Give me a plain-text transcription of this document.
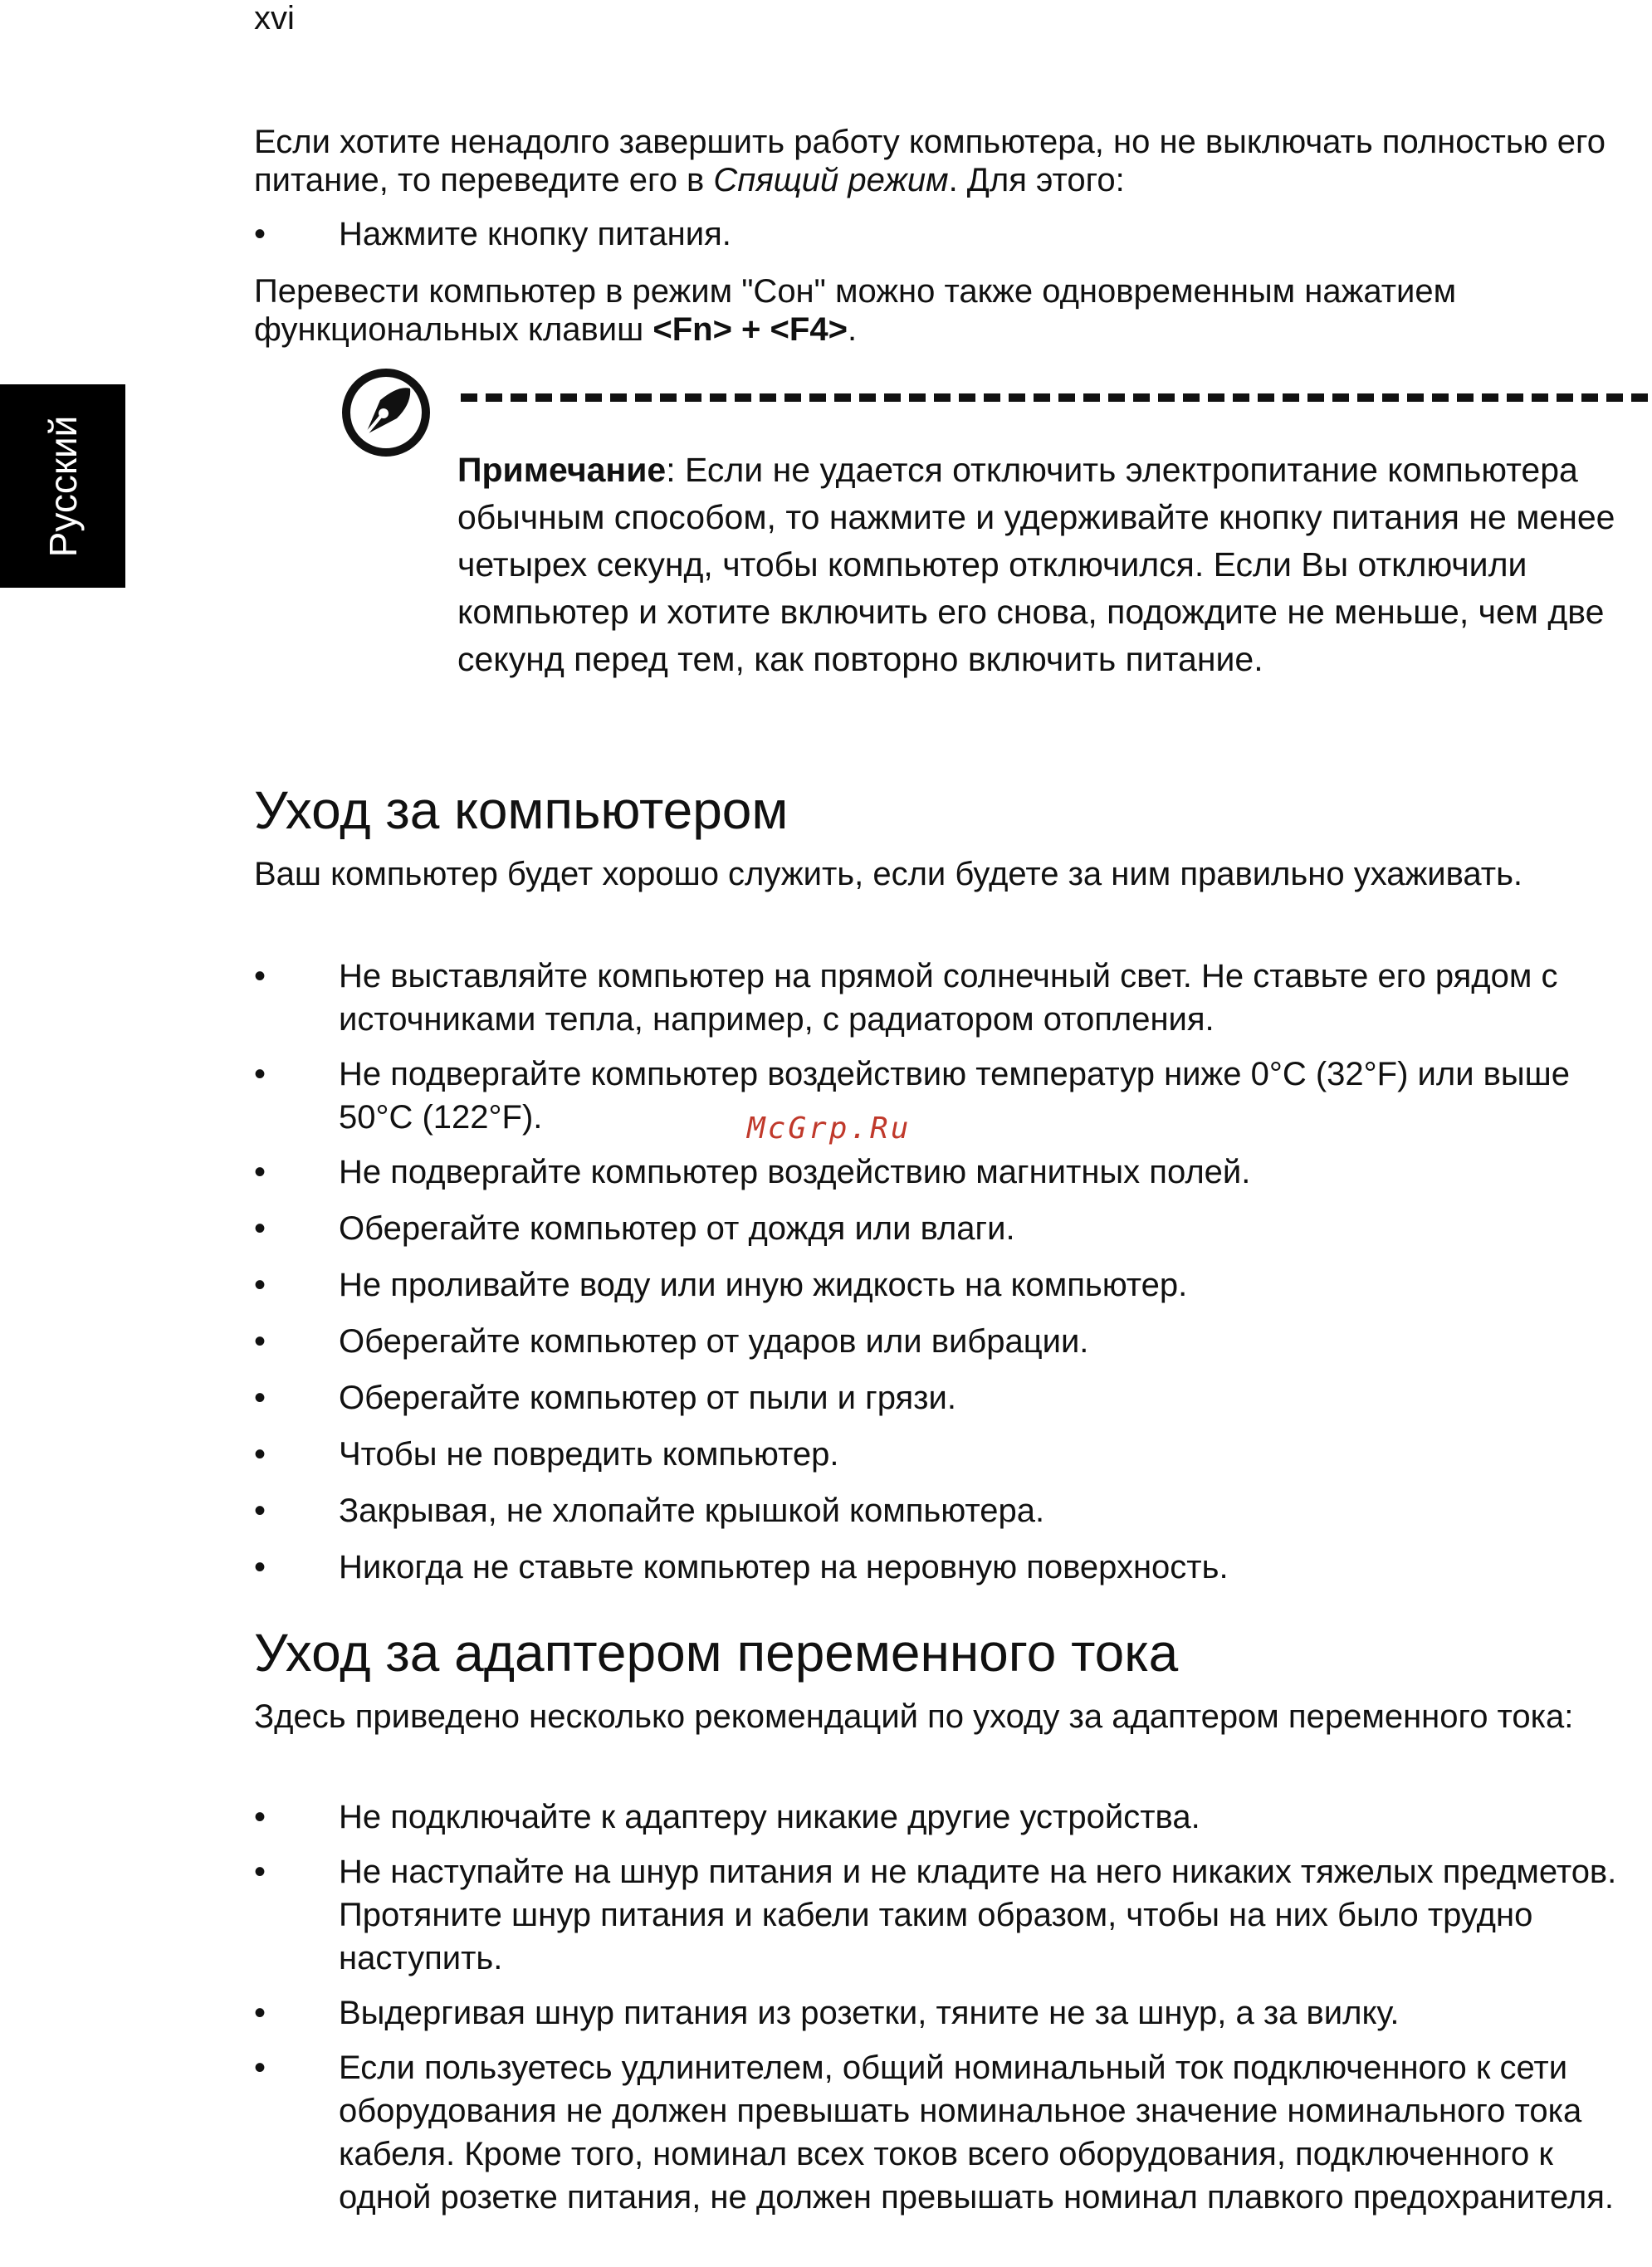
xvi
Русский

Если хотите ненадолго завершить работу компьютера, но не выключать полностью его питание, то переведите его в Спящий режим. Для этого:

• Нажмите кнопку питания.

Перевести компьютер в режим "Сон" можно также одновременным нажатием функциональных клавиш <Fn> + <F4>.

Примечание: Если не удается отключить электропитание компьютера обычным способом, то нажмите и удерживайте кнопку питания не менее четырех секунд, чтобы компьютер отключился. Если Вы отключили компьютер и хотите включить его снова, подождите не меньше, чем две секунд перед тем, как повторно включить питание.

Уход за компьютером

Ваш компьютер будет хорошо служить, если будете за ним правильно ухаживать.

• Не выставляйте компьютер на прямой солнечный свет. Не ставьте его рядом с источниками тепла, например, с радиатором отопления.
• Не подвергайте компьютер воздействию температур ниже 0°C (32°F) или выше 50°C (122°F).
• Не подвергайте компьютер воздействию магнитных полей.
• Оберегайте компьютер от дождя или влаги.
• Не проливайте воду или иную жидкость на компьютер.
• Оберегайте компьютер от ударов или вибрации.
• Оберегайте компьютер от пыли и грязи.
• Чтобы не повредить компьютер.
• Закрывая, не хлопайте крышкой компьютера.
• Никогда не ставьте компьютер на неровную поверхность.
Уход за адаптером переменного тока

Здесь приведено несколько рекомендаций по уходу за адаптером переменного тока:

• Не подключайте к адаптеру никакие другие устройства.
• Не наступайте на шнур питания и не кладите на него никаких тяжелых предметов. Протяните шнур питания и кабели таким образом, чтобы на них было трудно наступить.
• Выдергивая шнур питания из розетки, тяните не за шнур, а за вилку.
• Если пользуетесь удлинителем, общий номинальный ток подключенного к сети оборудования не должен превышать номинальное значение номинального тока кабеля. Кроме того, номинал всех токов всего оборудования, подключенного к одной розетке питания, не должен превышать номинал плавкого предохранителя.
McGrp.Ru
